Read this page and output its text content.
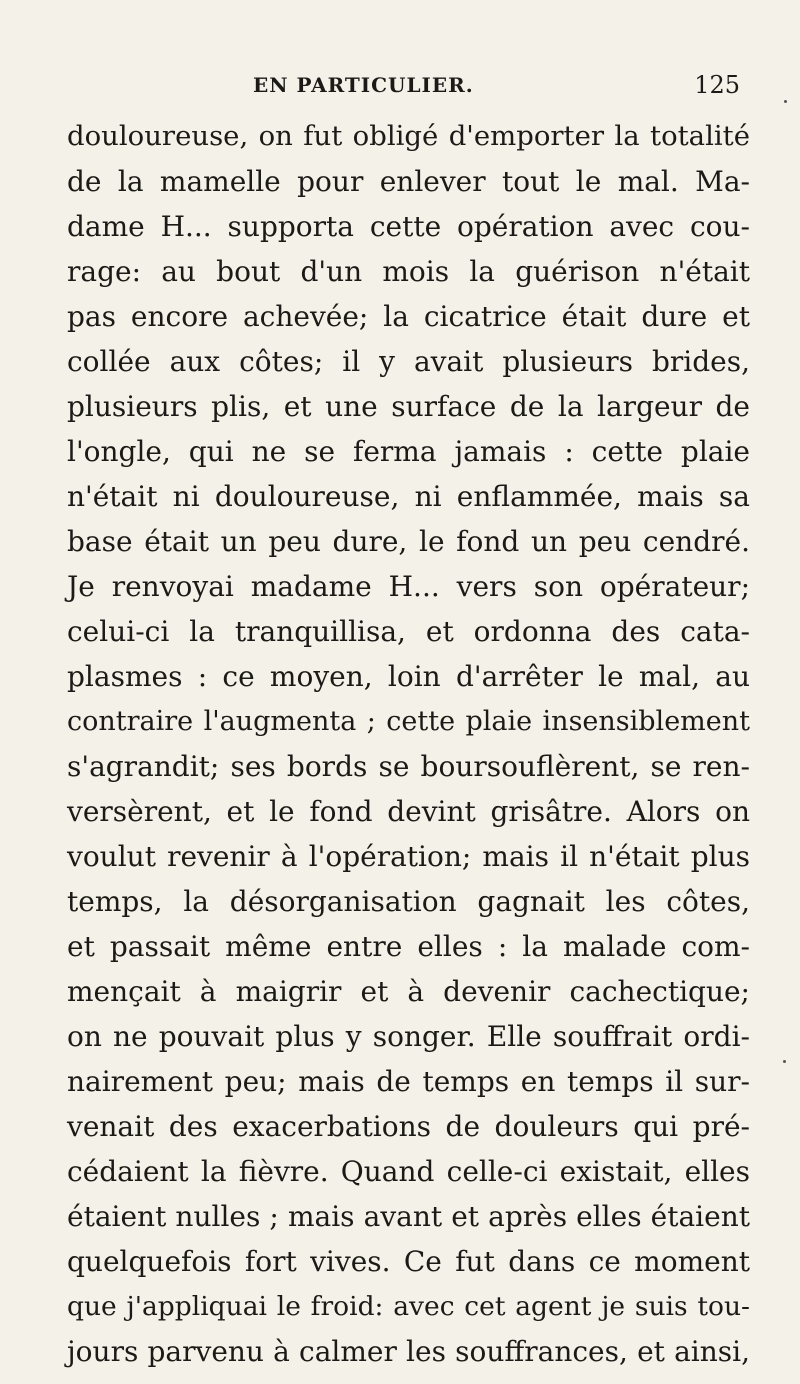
EN PARTICULIER.	125
douloureuse, on fut obligé d'emporter la totalité
de la mamelle pour enlever tout le mal. Ma-
dame H... supporta cette opération avec cou-
rage: au bout d'un mois la guérison n'était
pas encore achevée; la cicatrice était dure et
collée aux côtes; il y avait plusieurs brides,
plusieurs plis, et une surface de la largeur de
l'ongle, qui ne se ferma jamais : cette plaie
n'était ni douloureuse, ni enflammée, mais sa
base était un peu dure, le fond un peu cendré.
Je renvoyai madame H... vers son opérateur;
celui-ci la tranquillisa, et ordonna des cata-
plasmes : ce moyen, loin d'arrêter le mal, au
contraire l'augmenta ; cette plaie insensiblement
s'agrandit; ses bords se boursouflèrent, se ren-
versèrent, et le fond devint grisâtre. Alors on
voulut revenir à l'opération; mais il n'était plus
temps, la désorganisation gagnait les côtes,
et passait même entre elles : la malade com-
mençait à maigrir et à devenir cachectique;
on ne pouvait plus y songer. Elle souffrait ordi-
nairement peu; mais de temps en temps il sur-
venait des exacerbations de douleurs qui pré-
cédaient la fièvre. Quand celle-ci existait, elles
étaient nulles ; mais avant et après elles étaient
quelquefois fort vives. Ce fut dans ce moment
que j'appliquai le froid: avec cet agent je suis tou-
jours parvenu à calmer les souffrances, et ainsi,
